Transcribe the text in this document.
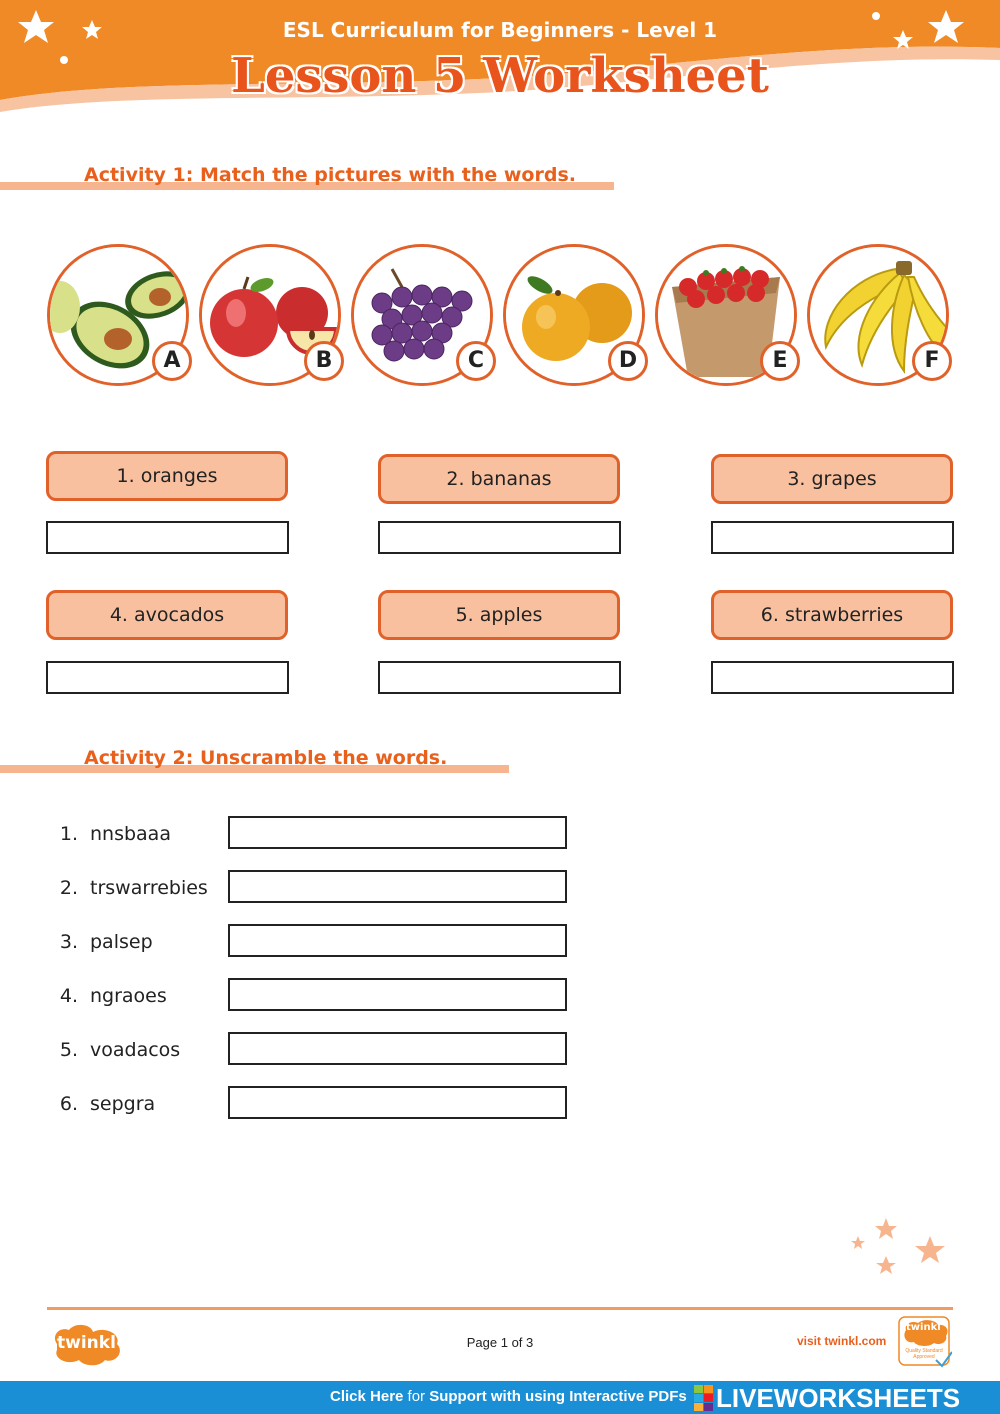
ESL Curriculum for Beginners - Level 1
Lesson 5 Worksheet
Activity 1: Match the pictures with the words.
A	B	C	D	E	F
1. oranges	2. bananas	3. grapes
4. avocados	5. apples	6. strawberries
Activity 2: Unscramble the words.
1. nnsbaaa
2. trswarrebies
3. palsep
4. ngraoes
5. voadacos
6. sepgra
twinkl	Page 1 of 3	visit twinkl.com
twinkl
Quality Standard Approved
Click Here for Support with using Interactive PDFs LIVEWORKSHEETS
